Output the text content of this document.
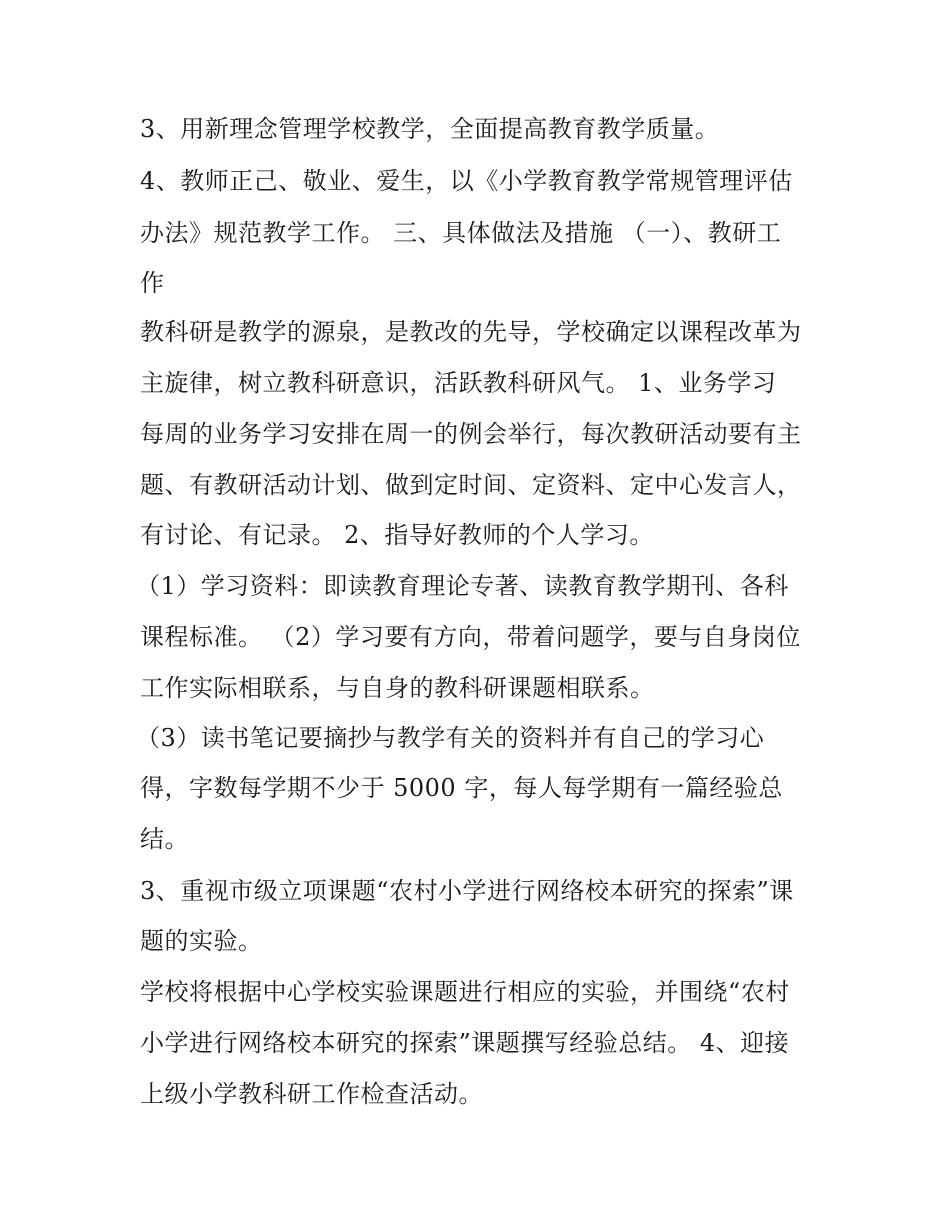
3、用新理念管理学校教学，全面提高教育教学质量。
4、教师正己、敬业、爱生，以《小学教育教学常规管理评估
办法》规范教学工作。 三、具体做法及措施 （一）、教研工
作
教科研是教学的源泉，是教改的先导，学校确定以课程改革为
主旋律，树立教科研意识，活跃教科研风气。 1、业务学习
每周的业务学习安排在周一的例会举行，每次教研活动要有主
题、有教研活动计划、做到定时间、定资料、定中心发言人，
有讨论、有记录。 2、指导好教师的个人学习。
（1）学习资料：即读教育理论专著、读教育教学期刊、各科
课程标准。 （2）学习要有方向，带着问题学，要与自身岗位
工作实际相联系，与自身的教科研课题相联系。
（3）读书笔记要摘抄与教学有关的资料并有自己的学习心
得，字数每学期不少于 5000 字，每人每学期有一篇经验总
结。
3、重视市级立项课题“农村小学进行网络校本研究的探索”课
题的实验。
学校将根据中心学校实验课题进行相应的实验，并围绕“农村
小学进行网络校本研究的探索”课题撰写经验总结。 4、迎接
上级小学教科研工作检查活动。
